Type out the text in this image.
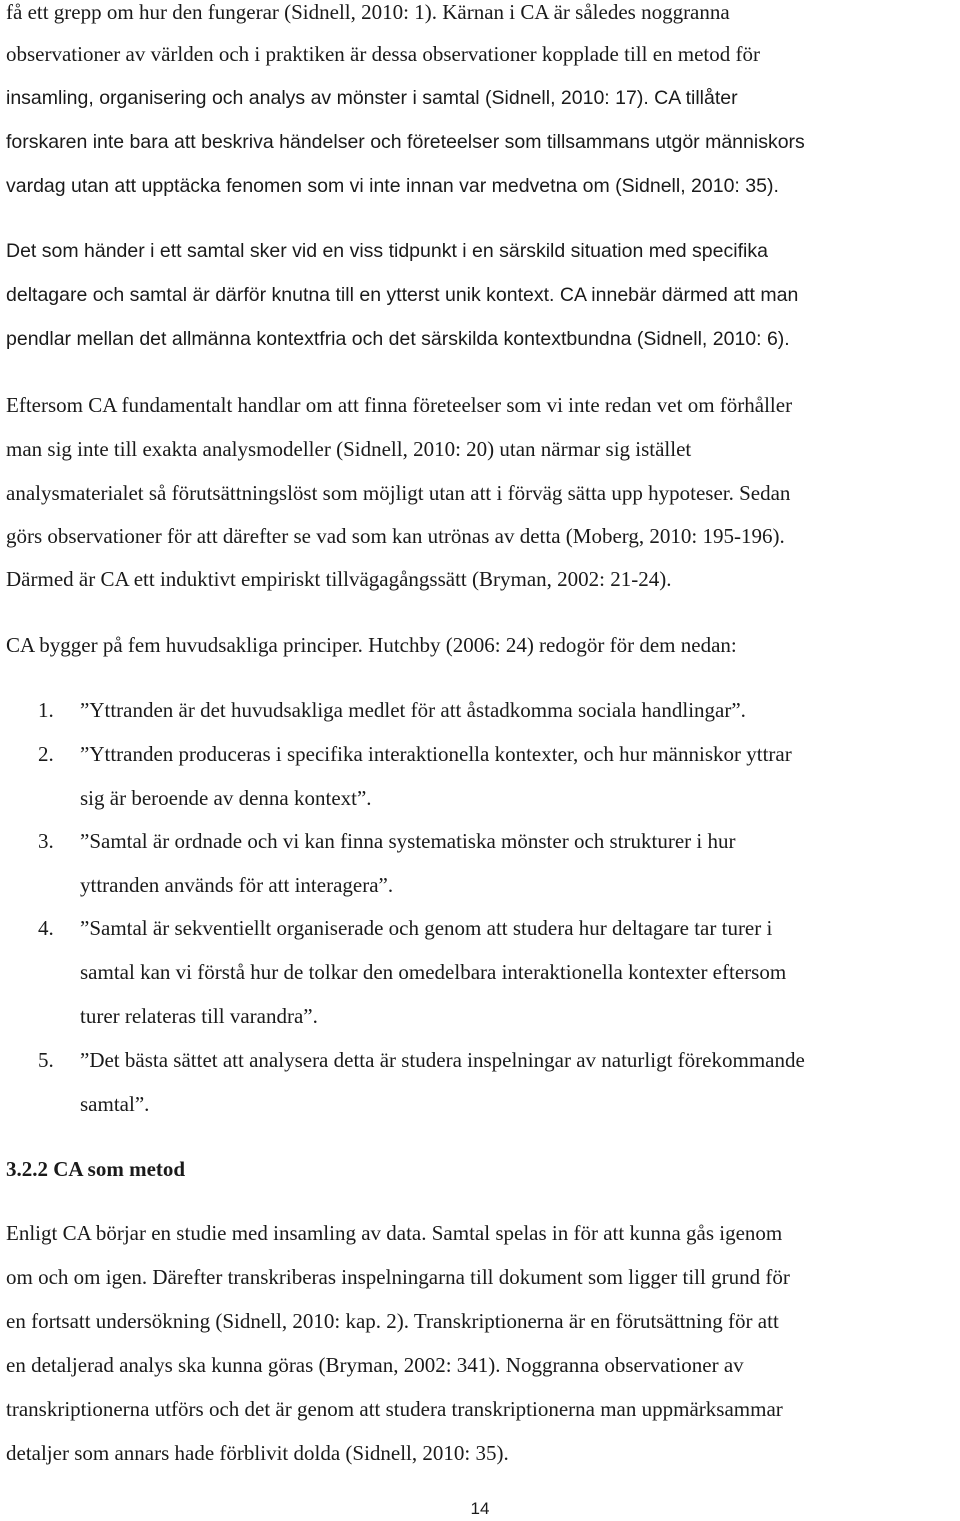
få ett grepp om hur den fungerar (Sidnell, 2010: 1). Kärnan i CA är således noggranna
observationer av världen och i praktiken är dessa observationer kopplade till en metod för
insamling, organisering och analys av mönster i samtal (Sidnell, 2010: 17). CA tillåter
forskaren inte bara att beskriva händelser och företeelser som tillsammans utgör människors
vardag utan att upptäcka fenomen som vi inte innan var medvetna om (Sidnell, 2010: 35).
Det som händer i ett samtal sker vid en viss tidpunkt i en särskild situation med specifika
deltagare och samtal är därför knutna till en ytterst unik kontext. CA innebär därmed att man
pendlar mellan det allmänna kontextfria och det särskilda kontextbundna (Sidnell, 2010: 6).
Eftersom CA fundamentalt handlar om att finna företeelser som vi inte redan vet om förhåller
man sig inte till exakta analysmodeller (Sidnell, 2010: 20) utan närmar sig istället
analysmaterialet så förutsättningslöst som möjligt utan att i förväg sätta upp hypoteser. Sedan
görs observationer för att därefter se vad som kan utrönas av detta (Moberg, 2010: 195-196).
Därmed är CA ett induktivt empiriskt tillvägagångssätt (Bryman, 2002: 21-24).
CA bygger på fem huvudsakliga principer. Hutchby (2006: 24) redogör för dem nedan:
1. ”Yttranden är det huvudsakliga medlet för att åstadkomma sociala handlingar”.
2. ”Yttranden produceras i specifika interaktionella kontexter, och hur människor yttrar
sig är beroende av denna kontext”.
3. ”Samtal är ordnade och vi kan finna systematiska mönster och strukturer i hur
yttranden används för att interagera”.
4. ”Samtal är sekventiellt organiserade och genom att studera hur deltagare tar turer i
samtal kan vi förstå hur de tolkar den omedelbara interaktionella kontexter eftersom
turer relateras till varandra”.
5. ”Det bästa sättet att analysera detta är studera inspelningar av naturligt förekommande
samtal”.
3.2.2 CA som metod
Enligt CA börjar en studie med insamling av data. Samtal spelas in för att kunna gås igenom
om och om igen. Därefter transkriberas inspelningarna till dokument som ligger till grund för
en fortsatt undersökning (Sidnell, 2010: kap. 2). Transkriptionerna är en förutsättning för att
en detaljerad analys ska kunna göras (Bryman, 2002: 341). Noggranna observationer av
transkriptionerna utförs och det är genom att studera transkriptionerna man uppmärksammar
detaljer som annars hade förblivit dolda (Sidnell, 2010: 35).
14
